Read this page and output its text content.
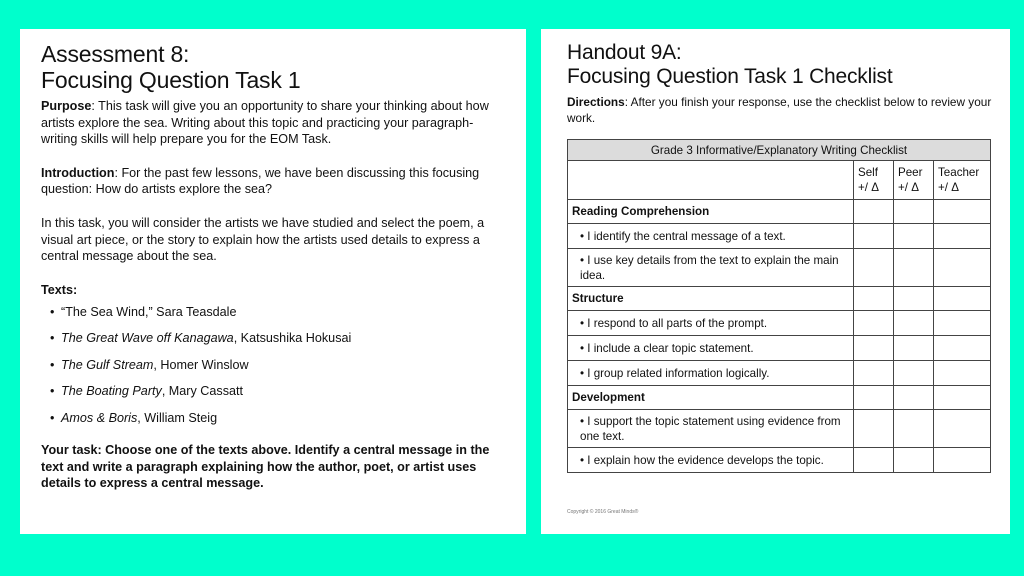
Assessment 8:
Focusing Question Task 1

Purpose: This task will give you an opportunity to share your thinking about how artists explore the sea. Writing about this topic and practicing your paragraph-writing skills will help prepare you for the EOM Task.

Introduction: For the past few lessons, we have been discussing this focusing question: How do artists explore the sea?

In this task, you will consider the artists we have studied and select the poem, a visual art piece, or the story to explain how the artists used details to express a central message about the sea.

Texts:
• “The Sea Wind,” Sara Teasdale
• The Great Wave off Kanagawa, Katsushika Hokusai
• The Gulf Stream, Homer Winslow
• The Boating Party, Mary Cassatt
• Amos & Boris, William Steig

Your task: Choose one of the texts above. Identify a central message in the text and write a paragraph explaining how the author, poet, or artist uses details to express a central message.

Handout 9A:
Focusing Question Task 1 Checklist

Directions: After you finish your response, use the checklist below to review your work.

Grade 3 Informative/Explanatory Writing Checklist			
	Self +/ Δ	Peer +/ Δ	Teacher +/ Δ
Reading Comprehension			
• I identify the central message of a text.			
• I use key details from the text to explain the main idea.			
Structure			
• I respond to all parts of the prompt.			
• I include a clear topic statement.			
• I group related information logically.			
Development			
• I support the topic statement using evidence from one text.			
• I explain how the evidence develops the topic.			
Copyright © 2016 Great Minds®
